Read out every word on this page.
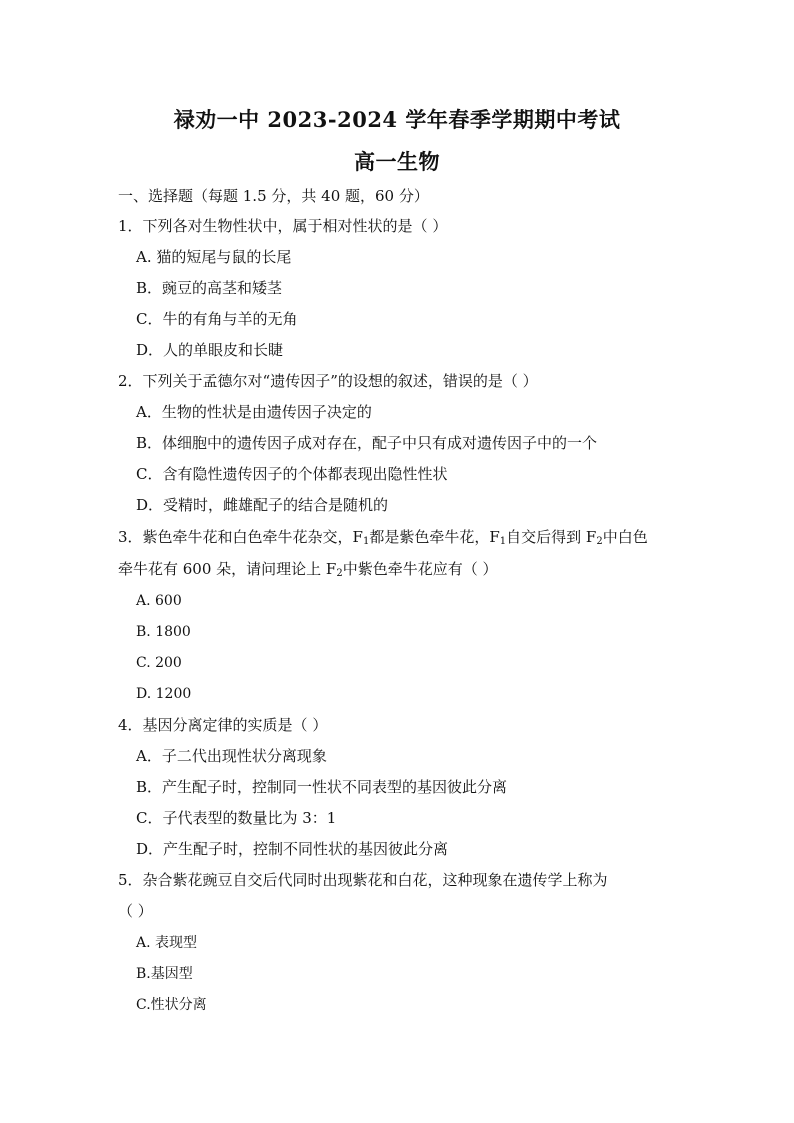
禄劝一中 2023-2024 学年春季学期期中考试
高一生物
一、选择题（每题 1.5 分，共 40 题，60 分）
1．下列各对生物性状中，属于相对性状的是（ ）
A. 猫的短尾与鼠的长尾
B．豌豆的高茎和矮茎
C．牛的有角与羊的无角
D．人的单眼皮和长睫
2．下列关于孟德尔对“遗传因子”的设想的叙述，错误的是（ ）
A．生物的性状是由遗传因子决定的
B．体细胞中的遗传因子成对存在，配子中只有成对遗传因子中的一个
C．含有隐性遗传因子的个体都表现出隐性性状
D．受精时，雌雄配子的结合是随机的
3．紫色牵牛花和白色牵牛花杂交，$F_1$都是紫色牵牛花，$F_1$自交后得到 $F_2$中白色
牵牛花有 600 朵，请问理论上 $F_2$中紫色牵牛花应有（ ）
A. 600
B. 1800
C. 200
D. 1200
4．基因分离定律的实质是（ ）
A．子二代出现性状分离现象
B．产生配子时，控制同一性状不同表型的基因彼此分离
C．子代表型的数量比为 3：1
D．产生配子时，控制不同性状的基因彼此分离
5．杂合紫花豌豆自交后代同时出现紫花和白花，这种现象在遗传学上称为
（ ）
A. 表现型
B.基因型
C.性状分离
